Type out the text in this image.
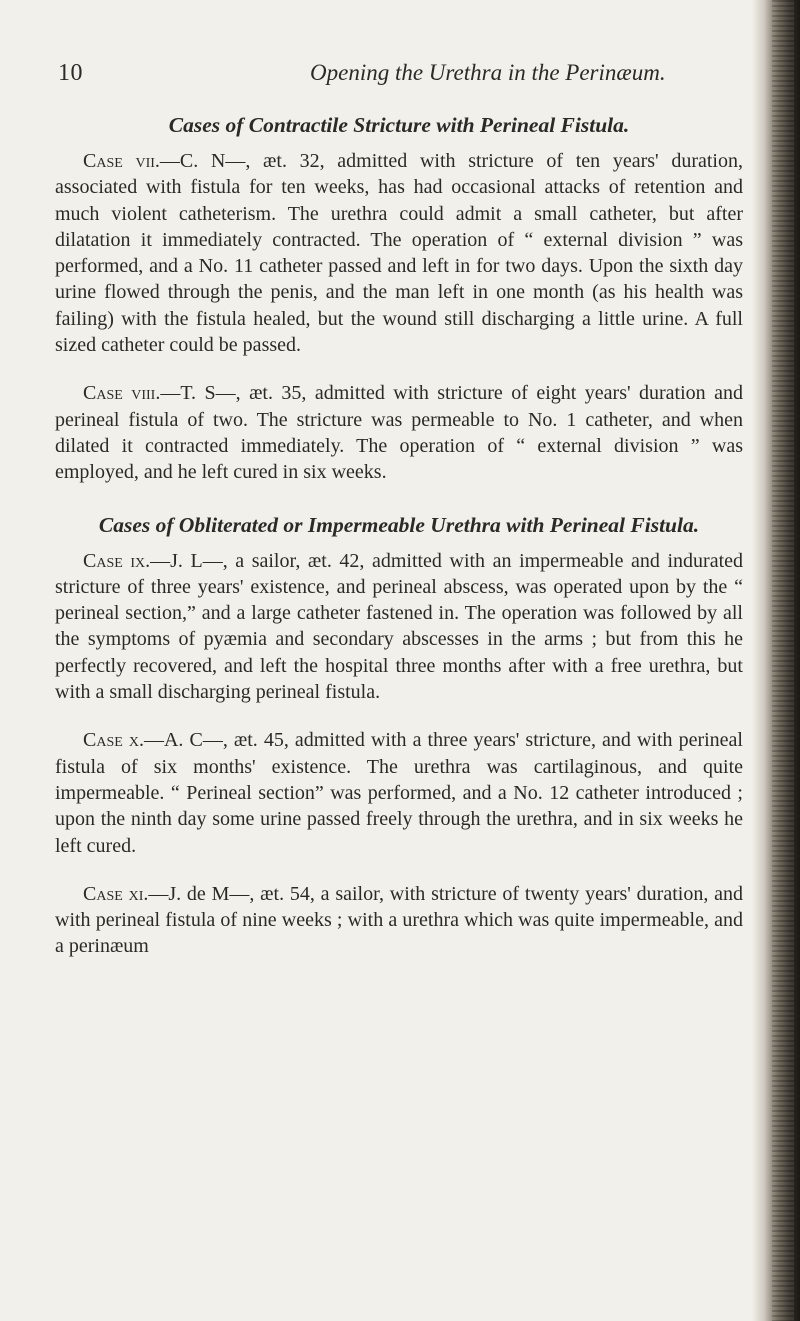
10	Opening the Urethra in the Perinæum.
Cases of Contractile Stricture with Perineal Fistula.

Case vii.—C. N—, æt. 32, admitted with stricture of ten years' duration, associated with fistula for ten weeks, has had occasional attacks of retention and much violent catheterism. The urethra could admit a small catheter, but after dilatation it immediately contracted. The operation of “ external division ” was performed, and a No. 11 catheter passed and left in for two days. Upon the sixth day urine flowed through the penis, and the man left in one month (as his health was failing) with the fistula healed, but the wound still discharging a little urine. A full sized catheter could be passed.

Case viii.—T. S—, æt. 35, admitted with stricture of eight years' duration and perineal fistula of two. The stricture was permeable to No. 1 catheter, and when dilated it contracted immediately. The operation of “ external division ” was employed, and he left cured in six weeks.

Cases of Obliterated or Impermeable Urethra with Perineal Fistula.

Case ix.—J. L—, a sailor, æt. 42, admitted with an impermeable and indurated stricture of three years' existence, and perineal abscess, was operated upon by the “ perineal section,” and a large catheter fastened in. The operation was followed by all the symptoms of pyæmia and secondary abscesses in the arms ; but from this he perfectly recovered, and left the hospital three months after with a free urethra, but with a small discharging perineal fistula.

Case x.—A. C—, æt. 45, admitted with a three years' stricture, and with perineal fistula of six months' existence. The urethra was cartilaginous, and quite impermeable. “ Perineal section” was performed, and a No. 12 catheter introduced ; upon the ninth day some urine passed freely through the urethra, and in six weeks he left cured.

Case xi.—J. de M—, æt. 54, a sailor, with stricture of twenty years' duration, and with perineal fistula of nine weeks ; with a urethra which was quite impermeable, and a perinæum
